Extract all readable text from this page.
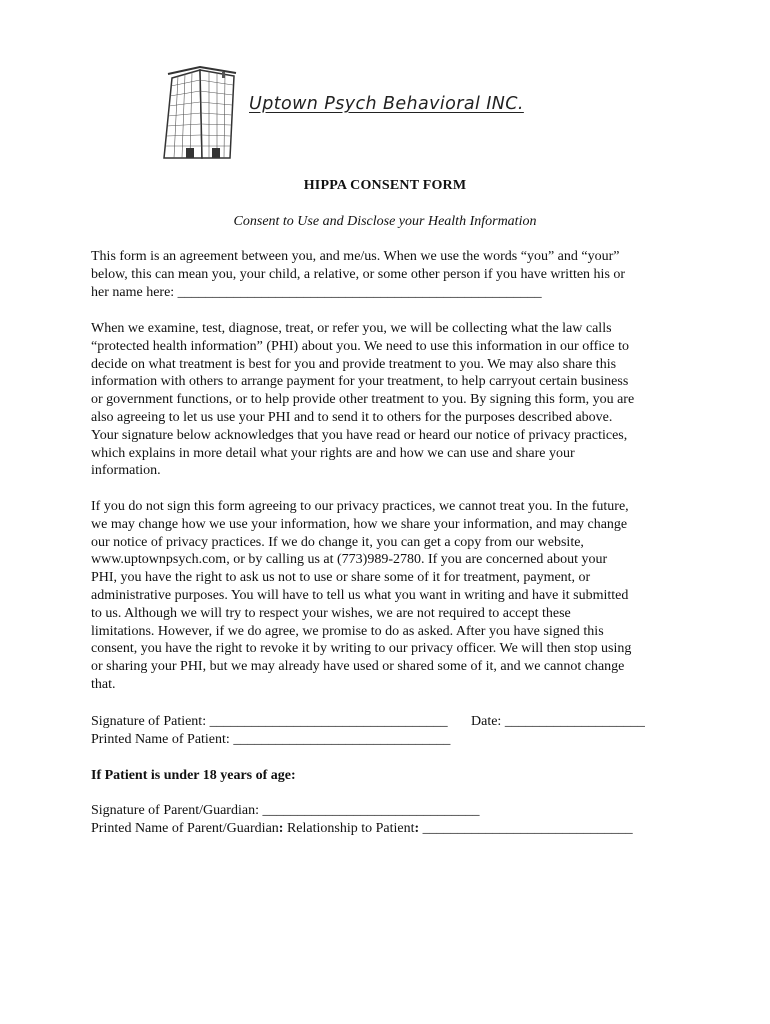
Uptown Psych Behavioral INC.
HIPPA CONSENT FORM
Consent to Use and Disclose your Health Information
This form is an agreement between you, and me/us. When we use the words “you” and “your”
below, this can mean you, your child, a relative, or some other person if you have written his or
her name here: ____________________________________________________
When we examine, test, diagnose, treat, or refer you, we will be collecting what the law calls
“protected health information” (PHI) about you. We need to use this information in our office to
decide on what treatment is best for you and provide treatment to you. We may also share this
information with others to arrange payment for your treatment, to help carryout certain business
or government functions, or to help provide other treatment to you. By signing this form, you are
also agreeing to let us use your PHI and to send it to others for the purposes described above.
Your signature below acknowledges that you have read or heard our notice of privacy practices,
which explains in more detail what your rights are and how we can use and share your
information.
If you do not sign this form agreeing to our privacy practices, we cannot treat you. In the future,
we may change how we use your information, how we share your information, and may change
our notice of privacy practices. If we do change it, you can get a copy from our website,
www.uptownpsych.com, or by calling us at (773)989-2780. If you are concerned about your
PHI, you have the right to ask us not to use or share some of it for treatment, payment, or
administrative purposes. You will have to tell us what you want in writing and have it submitted
to us. Although we will try to respect your wishes, we are not required to accept these
limitations. However, if we do agree, we promise to do as asked. After you have signed this
consent, you have the right to revoke it by writing to our privacy officer. We will then stop using
or sharing your PHI, but we may already have used or shared some of it, and we cannot change
that.
Signature of Patient: __________________________________ Date: ____________________
Printed Name of Patient: _______________________________
If Patient is under 18 years of age:
Signature of Parent/Guardian: _______________________________
Printed Name of Parent/Guardian: Relationship to Patient: ______________________________
